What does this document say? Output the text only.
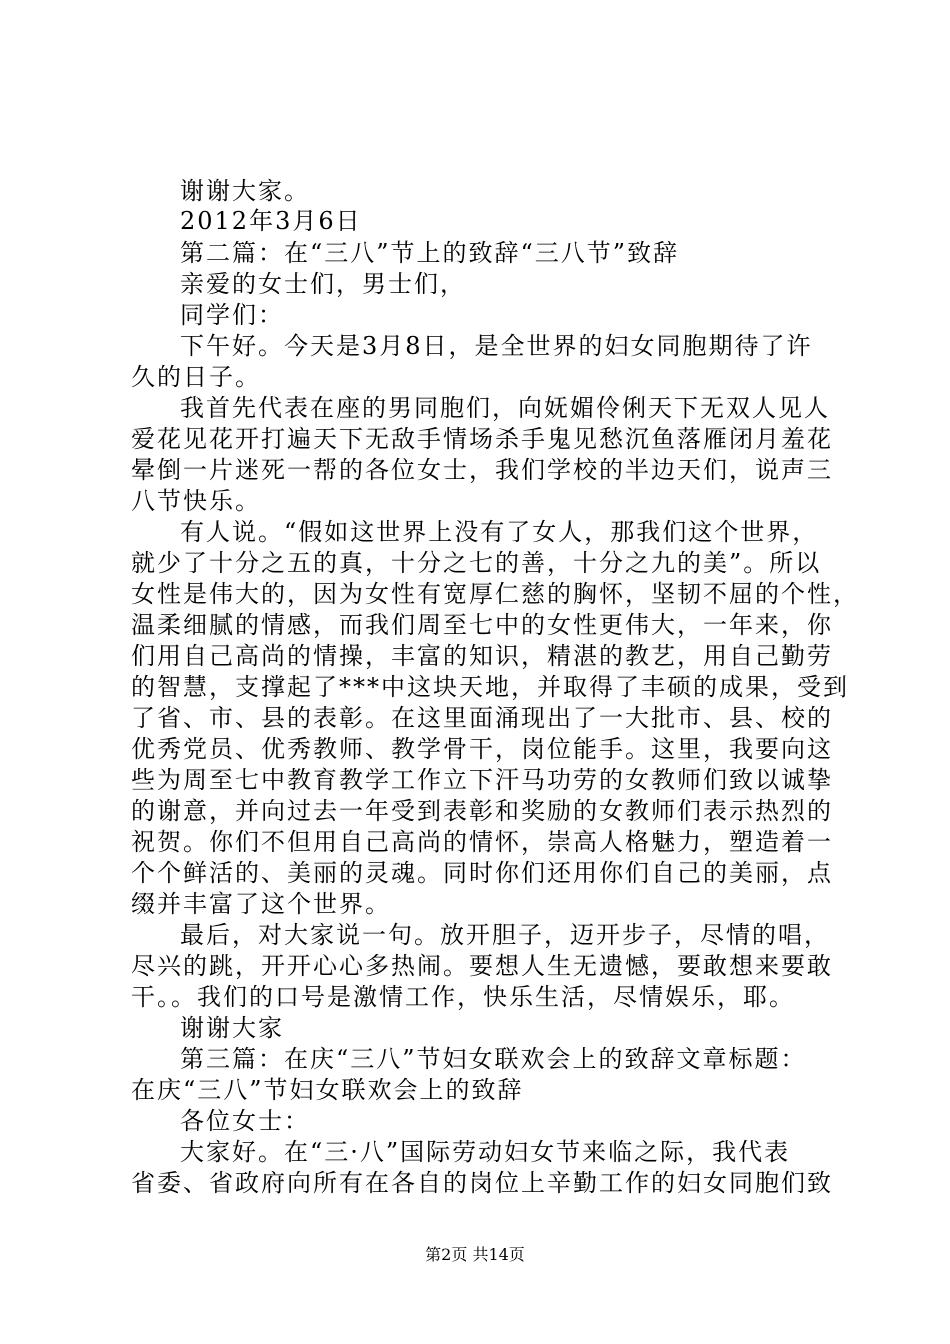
谢谢大家。
2012年3月6日
第二篇：在“三八”节上的致辞“三八节”致辞
亲爱的女士们，男士们，
同学们：
下午好。今天是3月8日，是全世界的妇女同胞期待了许
久的日子。
我首先代表在座的男同胞们，向妩媚伶俐天下无双人见人
爱花见花开打遍天下无敌手情场杀手鬼见愁沉鱼落雁闭月羞花
晕倒一片迷死一帮的各位女士，我们学校的半边天们，说声三
八节快乐。
有人说。“假如这世界上没有了女人，那我们这个世界，
就少了十分之五的真，十分之七的善，十分之九的美”。所以
女性是伟大的，因为女性有宽厚仁慈的胸怀，坚韧不屈的个性，
温柔细腻的情感，而我们周至七中的女性更伟大，一年来，你
们用自己高尚的情操，丰富的知识，精湛的教艺，用自己勤劳
的智慧，支撑起了***中这块天地，并取得了丰硕的成果，受到
了省、市、县的表彰。在这里面涌现出了一大批市、县、校的
优秀党员、优秀教师、教学骨干，岗位能手。这里，我要向这
些为周至七中教育教学工作立下汗马功劳的女教师们致以诚挚
的谢意，并向过去一年受到表彰和奖励的女教师们表示热烈的
祝贺。你们不但用自己高尚的情怀，崇高人格魅力，塑造着一
个个鲜活的、美丽的灵魂。同时你们还用你们自己的美丽，点
缀并丰富了这个世界。
最后，对大家说一句。放开胆子，迈开步子，尽情的唱，
尽兴的跳，开开心心多热闹。要想人生无遗憾，要敢想来要敢
干。。我们的口号是激情工作，快乐生活，尽情娱乐，耶。
谢谢大家
第三篇：在庆“三八”节妇女联欢会上的致辞文章标题：
在庆“三八”节妇女联欢会上的致辞
各位女士：
大家好。在“三·八”国际劳动妇女节来临之际，我代表
省委、省政府向所有在各自的岗位上辛勤工作的妇女同胞们致
第2页 共14页
